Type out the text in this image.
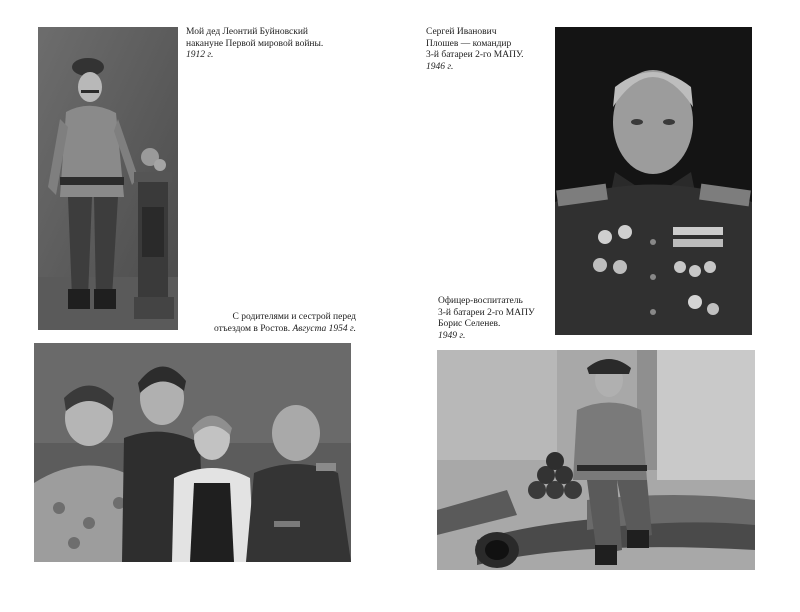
Мой дед Леонтий Буйновский
накануне Первой мировой войны.
1912 г.
С родителями и сестрой перед
отъездом в Ростов. Августа 1954 г.
Сергей Иванович
Плошев — командир
3-й батареи 2-го МАПУ.
1946 г.
Офицер-воспитатель
3-й батареи 2-го МАПУ
Борис Селенев.
1949 г.
